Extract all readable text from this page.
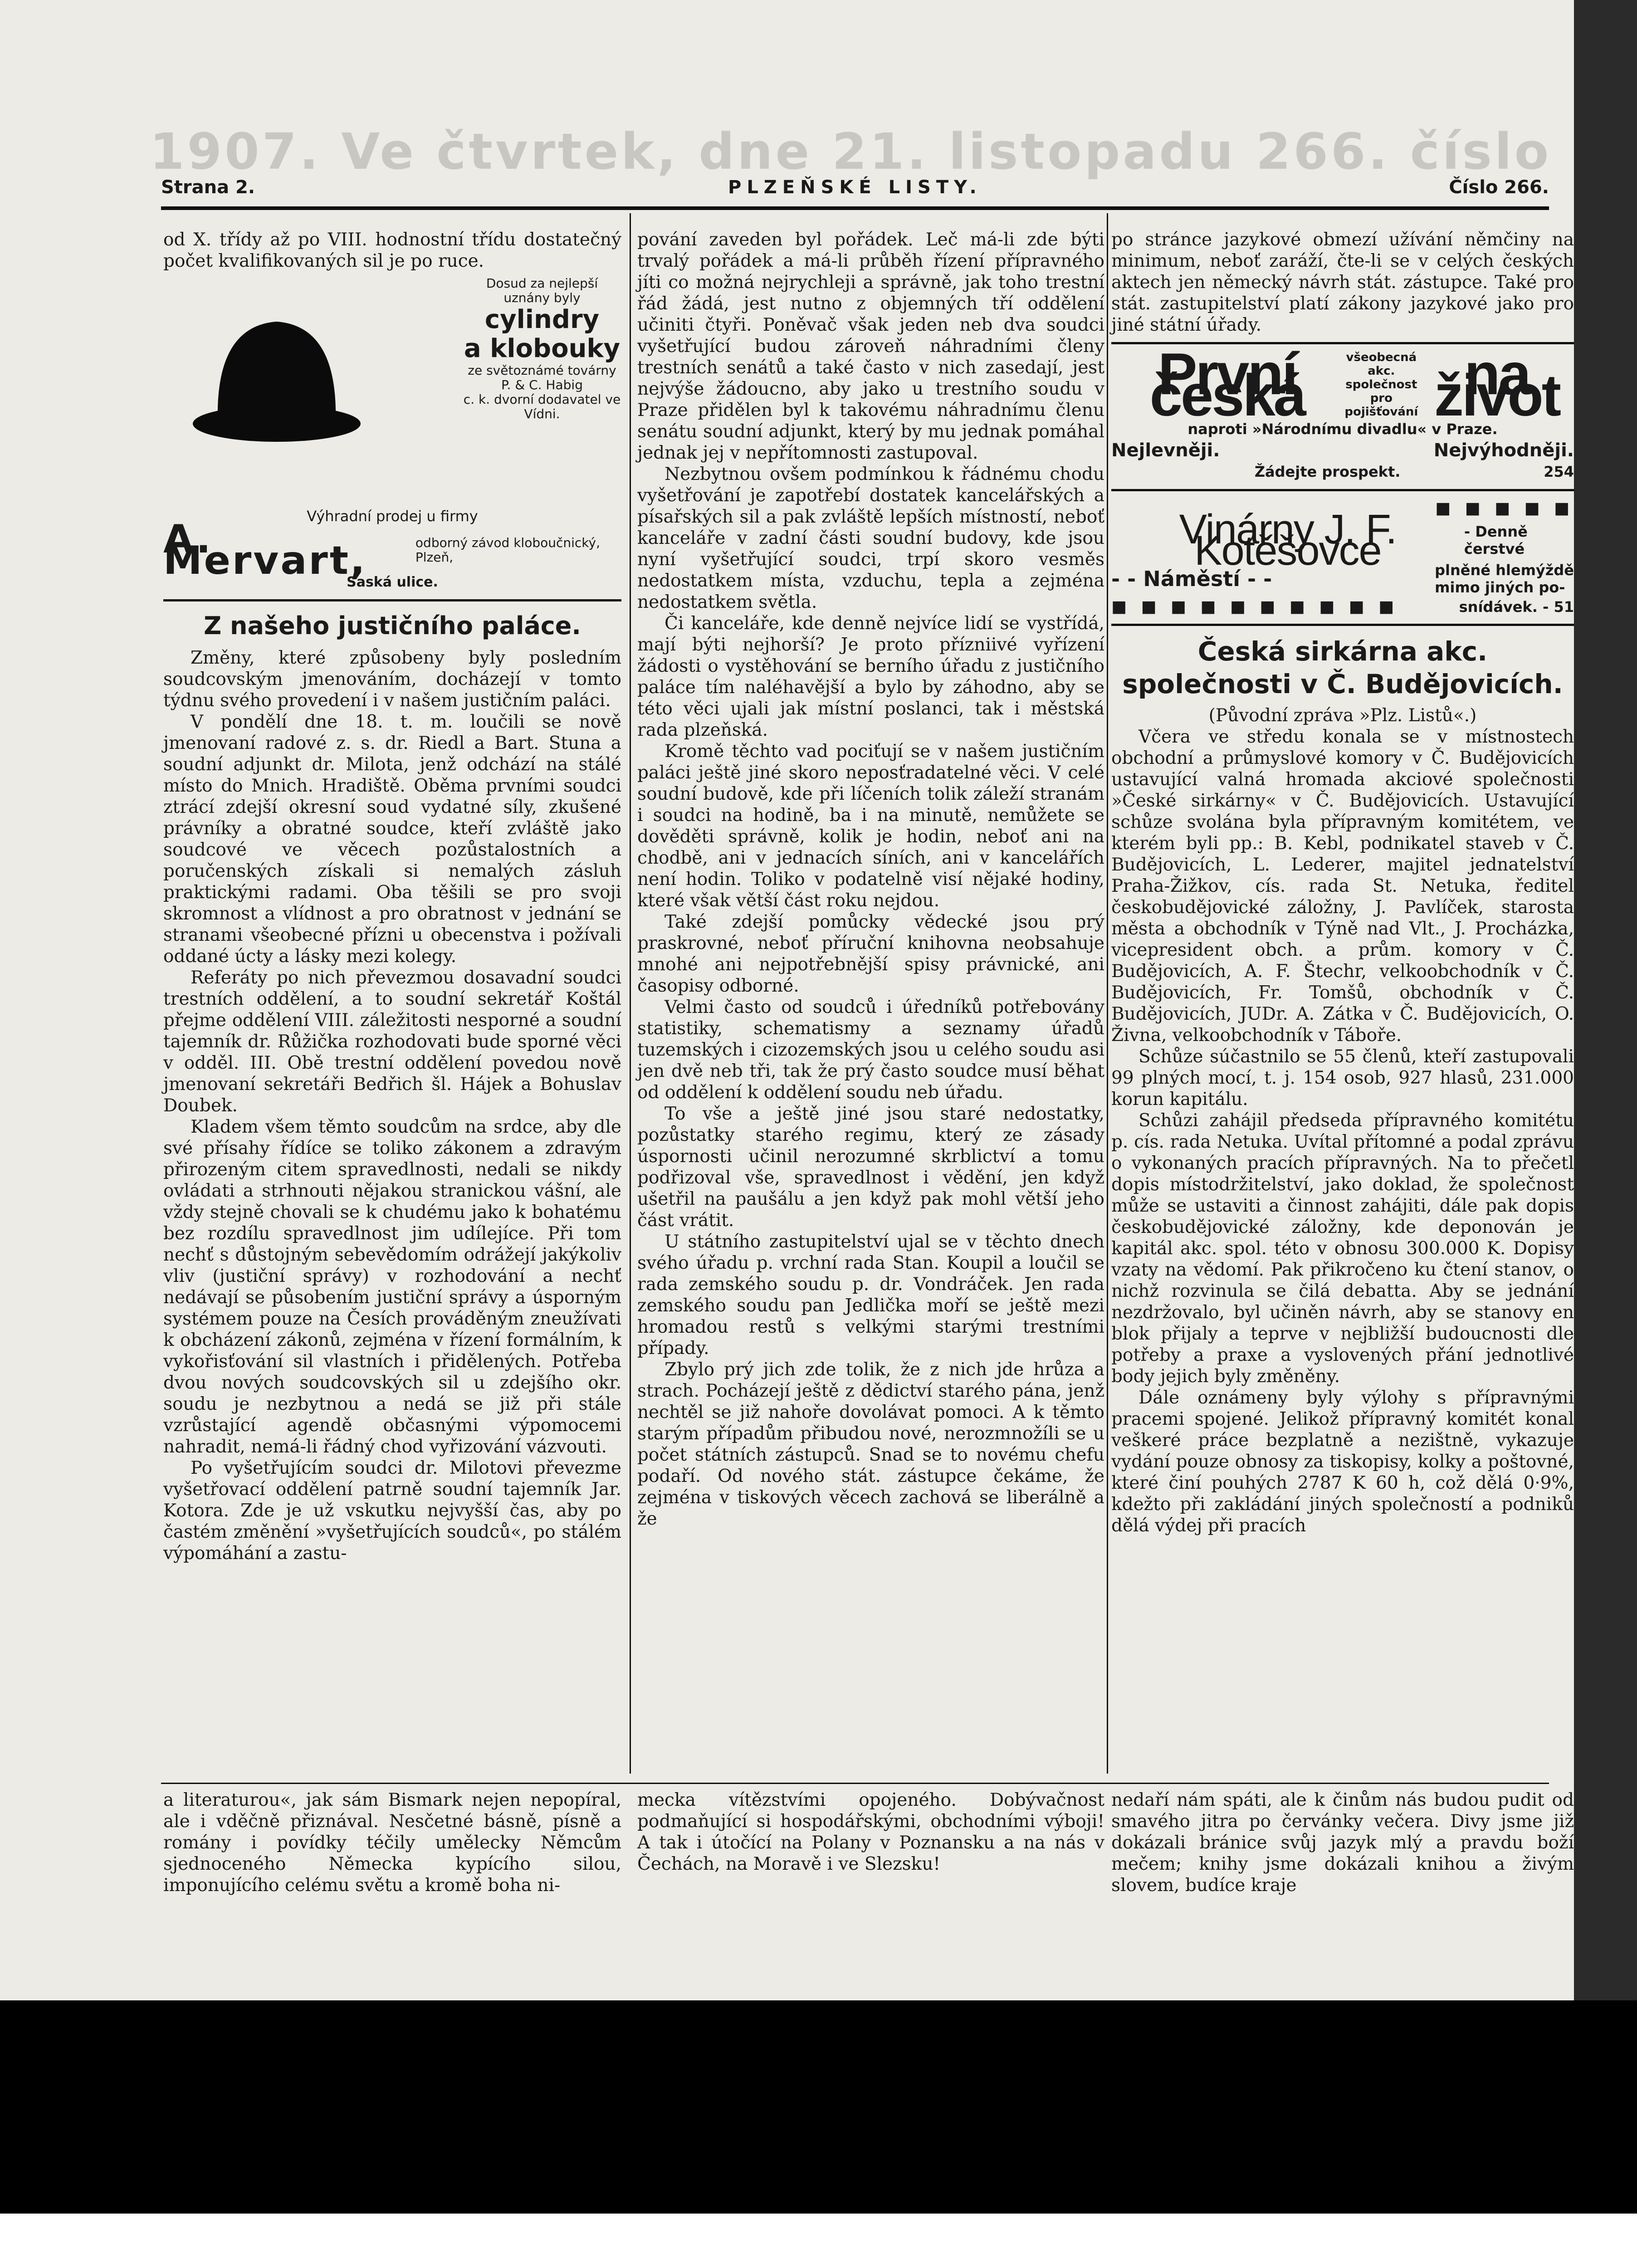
1907. Ve čtvrtek, dne 21. listopadu 266. číslo
Strana 2.	PLZEŇSKÉ LISTY.	Číslo 266.

od X. třídy až po VIII. hodnostní třídu dostatečný počet kvalifikovaných sil je po ruce.

Dosud za nejlepší
uznány byly
cylindry
a klobouky
ze světoznámé továrny P. & C. Habig
c. k. dvorní dodavatel ve Vídni.
Výhradní prodej u firmy
A. Mervart,	odborný závod kloboučnický, Plzeň,
Saská ulice.
Z našeho justičního paláce.

Změny, které způsobeny byly posledním soudcovským jmenováním, docházejí v tomto týdnu svého provedení i v našem justičním paláci.

V pondělí dne 18. t. m. loučili se nově jmenovaní radové z. s. dr. Riedl a Bart. Stuna a soudní adjunkt dr. Milota, jenž odchází na stálé místo do Mnich. Hradiště. Oběma prvními soudci ztrácí zdejší okresní soud vydatné síly, zkušené právníky a obratné soudce, kteří zvláště jako soudcové ve věcech pozůstalostních a poručenských získali si nemalých zásluh praktickými radami. Oba těšili se pro svoji skromnost a vlídnost a pro obratnost v jednání se stranami všeobecné přízni u obecenstva i požívali oddané úcty a lásky mezi kolegy.

Referáty po nich převezmou dosavadní soudci trestních oddělení, a to soudní sekretář Koštál přejme oddělení VIII. záležitosti nesporné a soudní tajemník dr. Růžička rozhodovati bude sporné věci v odděl. III. Obě trestní oddělení povedou nově jmenovaní sekretáři Bedřich šl. Hájek a Bohuslav Doubek.

Kladem všem těmto soudcům na srdce, aby dle své přísahy řídíce se toliko zákonem a zdravým přirozeným citem spravedlnosti, nedali se nikdy ovládati a strhnouti nějakou stranickou vášní, ale vždy stejně chovali se k chudému jako k bohatému bez rozdílu spravedlnost jim udílejíce. Při tom nechť s důstojným sebevědomím odrážejí jakýkoliv vliv (justiční správy) v rozhodování a nechť nedávají se působením justiční správy a úsporným systémem pouze na Česích prováděným zneužívati k obcházení zákonů, zejména v řízení formálním, k vykořisťování sil vlastních i přidělených. Potřeba dvou nových soudcovských sil u zdejšího okr. soudu je nezbytnou a nedá se již při stále vzrůstající agendě občasnými výpomocemi nahradit, nemá-li řádný chod vyřizování vázvouti.

Po vyšetřujícím soudci dr. Milotovi převezme vyšetřovací oddělení patrně soudní tajemník Jar. Kotora. Zde je už vskutku nejvyšší čas, aby po častém změnění »vyšetřujících soudců«, po stálém výpomáhání a zastu-

pování zaveden byl pořádek. Leč má-li zde býti trvalý pořádek a má-li průběh řízení přípravného jíti co možná nejrychleji a správně, jak toho trestní řád žádá, jest nutno z objemných tří oddělení učiniti čtyři. Poněvač však jeden neb dva soudci vyšetřující budou zároveň náhradními členy trestních senátů a také často v nich zasedají, jest nejvýše žádoucno, aby jako u trestního soudu v Praze přidělen byl k takovému náhradnímu členu senátu soudní adjunkt, který by mu jednak pomáhal jednak jej v nepřítomnosti zastupoval.

Nezbytnou ovšem podmínkou k řádnému chodu vyšetřování je zapotřebí dostatek kancelářských a písařských sil a pak zvláště lepších místností, neboť kanceláře v zadní části soudní budovy, kde jsou nyní vyšetřující soudci, trpí skoro vesměs nedostatkem místa, vzduchu, tepla a zejména nedostatkem světla.

Či kanceláře, kde denně nejvíce lidí se vystřídá, mají býti nejhorší? Je proto přízniivé vyřízení žádosti o vystěhování se berního úřadu z justičního paláce tím naléhavější a bylo by záhodno, aby se této věci ujali jak místní poslanci, tak i městská rada plzeňská.

Kromě těchto vad pociťují se v našem justičním paláci ještě jiné skoro neposťradatelné věci. V celé soudní budově, kde při líčeních tolik záleží stranám i soudci na hodině, ba i na minutě, nemůžete se dověděti správně, kolik je hodin, neboť ani na chodbě, ani v jednacích síních, ani v kancelářích není hodin. Toliko v podatelně visí nějaké hodiny, které však větší část roku nejdou.

Také zdejší pomůcky vědecké jsou prý praskrovné, neboť příruční knihovna neobsahuje mnohé ani nejpotřebnější spisy právnické, ani časopisy odborné.

Velmi často od soudců i úředníků potřebovány statistiky, schematismy a seznamy úřadů tuzemských i cizozemských jsou u celého soudu asi jen dvě neb tři, tak že prý často soudce musí běhat od oddělení k oddělení soudu neb úřadu.

To vše a ještě jiné jsou staré nedostatky, pozůstatky starého regimu, který ze zásady úspornosti učinil nerozumné skrblictví a tomu podřizoval vše, spravedlnost i vědění, jen když ušetřil na paušálu a jen když pak mohl větší jeho část vrátit.

U státního zastupitelství ujal se v těchto dnech svého úřadu p. vrchní rada Stan. Koupil a loučil se rada zemského soudu p. dr. Vondráček. Jen rada zemského soudu pan Jedlička moří se ještě mezi hromadou restů s velkými starými trestními případy.

Zbylo prý jich zde tolik, že z nich jde hrůza a strach. Pocházejí ještě z dědictví starého pána, jenž nechtěl se již nahoře dovolávat pomoci. A k těmto starým případům přibudou nové, nerozmnožíli se u počet státních zástupců. Snad se to novému chefu podaří. Od nového stát. zástupce čekáme, že zejména v tiskových věcech zachová se liberálně a že

po stránce jazykové obmezí užívání němčiny na minimum, neboť zaráží, čte-li se v celých českých aktech jen německý návrh stát. zástupce. Také pro stát. zastupitelství platí zákony jazykové jako pro jiné státní úřady.

První česká
všeobecná akc.
společnost
pro pojišťování
na život
naproti »Národnímu divadlu« v Praze.
Nejlevněji.	Nejvýhodněji.
Žádejte prospekt.	254
■ ■ ■ ■ ■
Vinárny J. F. Kotěšovce	- Denně čerstvé
- - Náměstí - -	plněné hlemýždě
mimo jiných po-
■ ■ ■ ■ ■ ■ ■ ■ ■ ■	snídávek. - 51
Česká sirkárna akc. společnosti v Č. Budějovicích.

(Původní zpráva »Plz. Listů«.)

Včera ve středu konala se v místnostech obchodní a průmyslové komory v Č. Budějovicích ustavující valná hromada akciové společnosti »České sirkárny« v Č. Budějovicích. Ustavující schůze svolána byla přípravným komitétem, ve kterém byli pp.: B. Kebl, podnikatel staveb v Č. Budějovicích, L. Lederer, majitel jednatelství Praha-Žižkov, cís. rada St. Netuka, ředitel českobudějovické záložny, J. Pavlíček, starosta města a obchodník v Týně nad Vlt., J. Procházka, vicepresident obch. a prům. komory v Č. Budějovicích, A. F. Štechr, velkoobchodník v Č. Budějovicích, Fr. Tomšů, obchodník v Č. Budějovicích, JUDr. A. Zátka v Č. Budějovicích, O. Živna, velkoobchodník v Táboře.

Schůze súčastnilo se 55 členů, kteří zastupovali 99 plných mocí, t. j. 154 osob, 927 hlasů, 231.000 korun kapitálu.

Schůzi zahájil předseda přípravného komitétu p. cís. rada Netuka. Uvítal přítomné a podal zprávu o vykonaných pracích přípravných. Na to přečetl dopis místodržitelství, jako doklad, že společnost může se ustaviti a činnost zahájiti, dále pak dopis českobudějovické záložny, kde deponován je kapitál akc. spol. této v obnosu 300.000 K. Dopisy vzaty na vědomí. Pak přikročeno ku čtení stanov, o nichž rozvinula se čilá debatta. Aby se jednání nezdržovalo, byl učiněn návrh, aby se stanovy en blok přijaly a teprve v nejbližší budoucnosti dle potřeby a praxe a vyslovených přání jednotlivé body jejich byly změněny.

Dále oznámeny byly výlohy s přípravnými pracemi spojené. Jelikož přípravný komitét konal veškeré práce bezplatně a nezištně, vykazuje vydání pouze obnosy za tiskopisy, kolky a poštovné, které činí pouhých 2787 K 60 h, což dělá 0·9%, kdežto při zakládání jiných společností a podniků dělá výdej při pracích

a literaturou«, jak sám Bismark nejen nepopíral, ale i vděčně přiznával. Nesčetné básně, písně a romány i povídky téčily umělecky Němcům sjednoceného Německa kypícího silou, imponujícího celému světu a kromě boha ni-
mecka vítězstvími opojeného. Dobývačnost podmaňující si hospodářskými, obchodními výboji! A tak i útočící na Polany v Poznansku a na nás v Čechách, na Moravě i ve Slezsku!
nedaří nám spáti, ale k činům nás budou pudit od smavého jitra po červánky večera. Divy jsme již dokázali bránice svůj jazyk mlý a pravdu boží mečem; knihy jsme dokázali knihou a živým slovem, budíce kraje
